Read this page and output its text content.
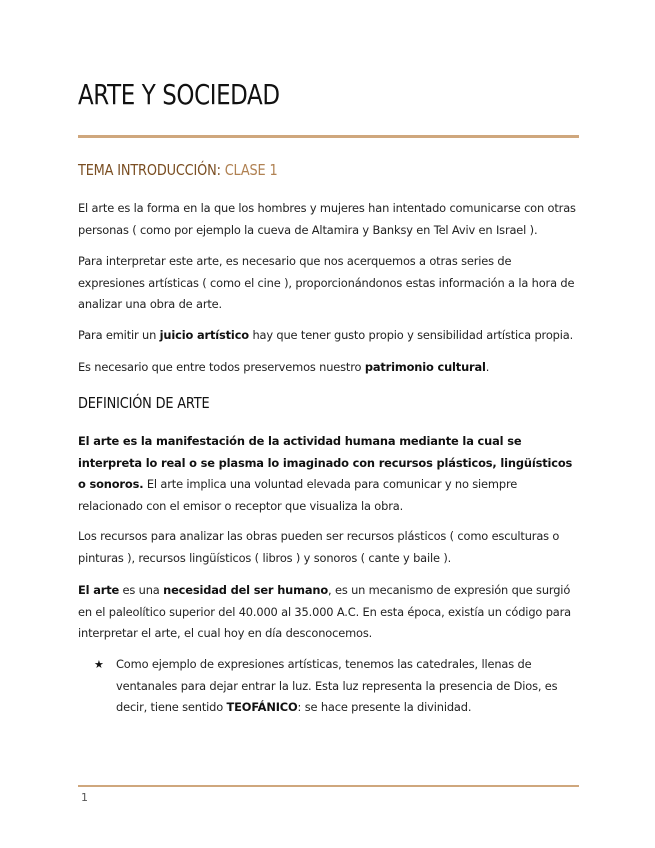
ARTE Y SOCIEDAD
TEMA INTRODUCCIÓN: CLASE 1

El arte es la forma en la que los hombres y mujeres han intentado comunicarse con otras personas ( como por ejemplo la cueva de Altamira y Banksy en Tel Aviv en Israel ).

Para interpretar este arte, es necesario que nos acerquemos a otras series de expresiones artísticas ( como el cine ), proporcionándonos estas información a la hora de analizar una obra de arte.

Para emitir un juicio artístico hay que tener gusto propio y sensibilidad artística propia.

Es necesario que entre todos preservemos nuestro patrimonio cultural.

DEFINICIÓN DE ARTE

El arte es la manifestación de la actividad humana mediante la cual se interpreta lo real o se plasma lo imaginado con recursos plásticos, lingüísticos o sonoros. El arte implica una voluntad elevada para comunicar y no siempre relacionado con el emisor o receptor que visualiza la obra.

Los recursos para analizar las obras pueden ser recursos plásticos ( como esculturas o pinturas ), recursos lingüísticos ( libros ) y sonoros ( cante y baile ).

El arte es una necesidad del ser humano, es un mecanismo de expresión que surgió en el paleolítico superior del 40.000 al 35.000 A.C. En esta época, existía un código para interpretar el arte, el cual hoy en día desconocemos.

★ Como ejemplo de expresiones artísticas, tenemos las catedrales, llenas de ventanales para dejar entrar la luz. Esta luz representa la presencia de Dios, es decir, tiene sentido TEOFÁNICO: se hace presente la divinidad.
1
